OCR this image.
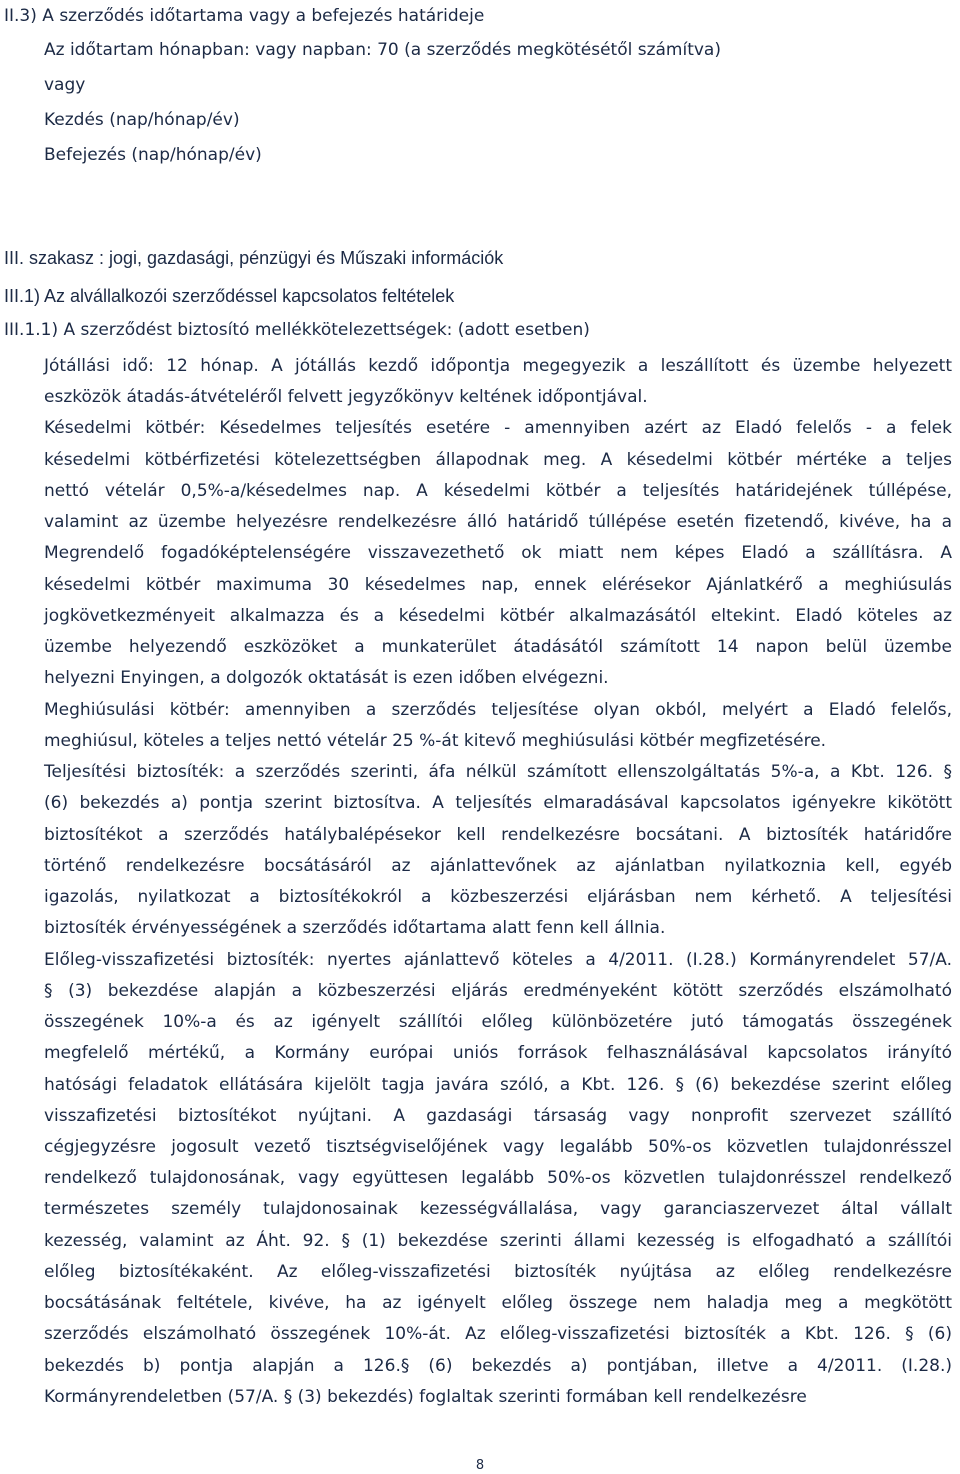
II.3) A szerződés időtartama vagy a befejezés határideje
Az időtartam hónapban: vagy napban: 70 (a szerződés megkötésétől számítva)
vagy
Kezdés (nap/hónap/év)
Befejezés (nap/hónap/év)
III. szakasz : jogi, gazdasági, pénzügyi és Műszaki információk
III.1) Az alvállalkozói szerződéssel kapcsolatos feltételek
III.1.1) A szerződést biztosító mellékkötelezettségek: (adott esetben)
Jótállási idő: 12 hónap. A jótállás kezdő időpontja megegyezik a leszállított és üzembe helyezett
eszközök átadás-átvételéről felvett jegyzőkönyv keltének időpontjával.
Késedelmi kötbér: Késedelmes teljesítés esetére - amennyiben azért az Eladó felelős - a felek
késedelmi kötbérfizetési kötelezettségben állapodnak meg. A késedelmi kötbér mértéke a teljes
nettó vételár 0,5%-a/késedelmes nap. A késedelmi kötbér a teljesítés határidejének túllépése,
valamint az üzembe helyezésre rendelkezésre álló határidő túllépése esetén fizetendő, kivéve, ha a
Megrendelő fogadóképtelenségére visszavezethető ok miatt nem képes Eladó a szállításra. A
késedelmi kötbér maximuma 30 késedelmes nap, ennek elérésekor Ajánlatkérő a meghiúsulás
jogkövetkezményeit alkalmazza és a késedelmi kötbér alkalmazásától eltekint. Eladó köteles az
üzembe helyezendő eszközöket a munkaterület átadásától számított 14 napon belül üzembe
helyezni Enyingen, a dolgozók oktatását is ezen időben elvégezni.
Meghiúsulási kötbér: amennyiben a szerződés teljesítése olyan okból, melyért a Eladó felelős,
meghiúsul, köteles a teljes nettó vételár 25 %-át kitevő meghiúsulási kötbér megfizetésére.
Teljesítési biztosíték: a szerződés szerinti, áfa nélkül számított ellenszolgáltatás 5%-a, a Kbt. 126. §
(6) bekezdés a) pontja szerint biztosítva. A teljesítés elmaradásával kapcsolatos igényekre kikötött
biztosítékot a szerződés hatálybalépésekor kell rendelkezésre bocsátani. A biztosíték határidőre
történő rendelkezésre bocsátásáról az ajánlattevőnek az ajánlatban nyilatkoznia kell, egyéb
igazolás, nyilatkozat a biztosítékokról a közbeszerzési eljárásban nem kérhető. A teljesítési
biztosíték érvényességének a szerződés időtartama alatt fenn kell állnia.
Előleg-visszafizetési biztosíték: nyertes ajánlattevő köteles a 4/2011. (I.28.) Kormányrendelet 57/A.
§ (3) bekezdése alapján a közbeszerzési eljárás eredményeként kötött szerződés elszámolható
összegének 10%-a és az igényelt szállítói előleg különbözetére jutó támogatás összegének
megfelelő mértékű, a Kormány európai uniós források felhasználásával kapcsolatos irányító
hatósági feladatok ellátására kijelölt tagja javára szóló, a Kbt. 126. § (6) bekezdése szerint előleg
visszafizetési biztosítékot nyújtani. A gazdasági társaság vagy nonprofit szervezet szállító
cégjegyzésre jogosult vezető tisztségviselőjének vagy legalább 50%-os közvetlen tulajdonrésszel
rendelkező tulajdonosának, vagy együttesen legalább 50%-os közvetlen tulajdonrésszel rendelkező
természetes személy tulajdonosainak kezességvállalása, vagy garanciaszervezet által vállalt
kezesség, valamint az Áht. 92. § (1) bekezdése szerinti állami kezesség is elfogadható a szállítói
előleg biztosítékaként. Az előleg-visszafizetési biztosíték nyújtása az előleg rendelkezésre
bocsátásának feltétele, kivéve, ha az igényelt előleg összege nem haladja meg a megkötött
szerződés elszámolható összegének 10%-át. Az előleg-visszafizetési biztosíték a Kbt. 126. § (6)
bekezdés b) pontja alapján a 126.§ (6) bekezdés a) pontjában, illetve a 4/2011. (I.28.)
Kormányrendeletben (57/A. § (3) bekezdés) foglaltak szerinti formában kell rendelkezésre
8
